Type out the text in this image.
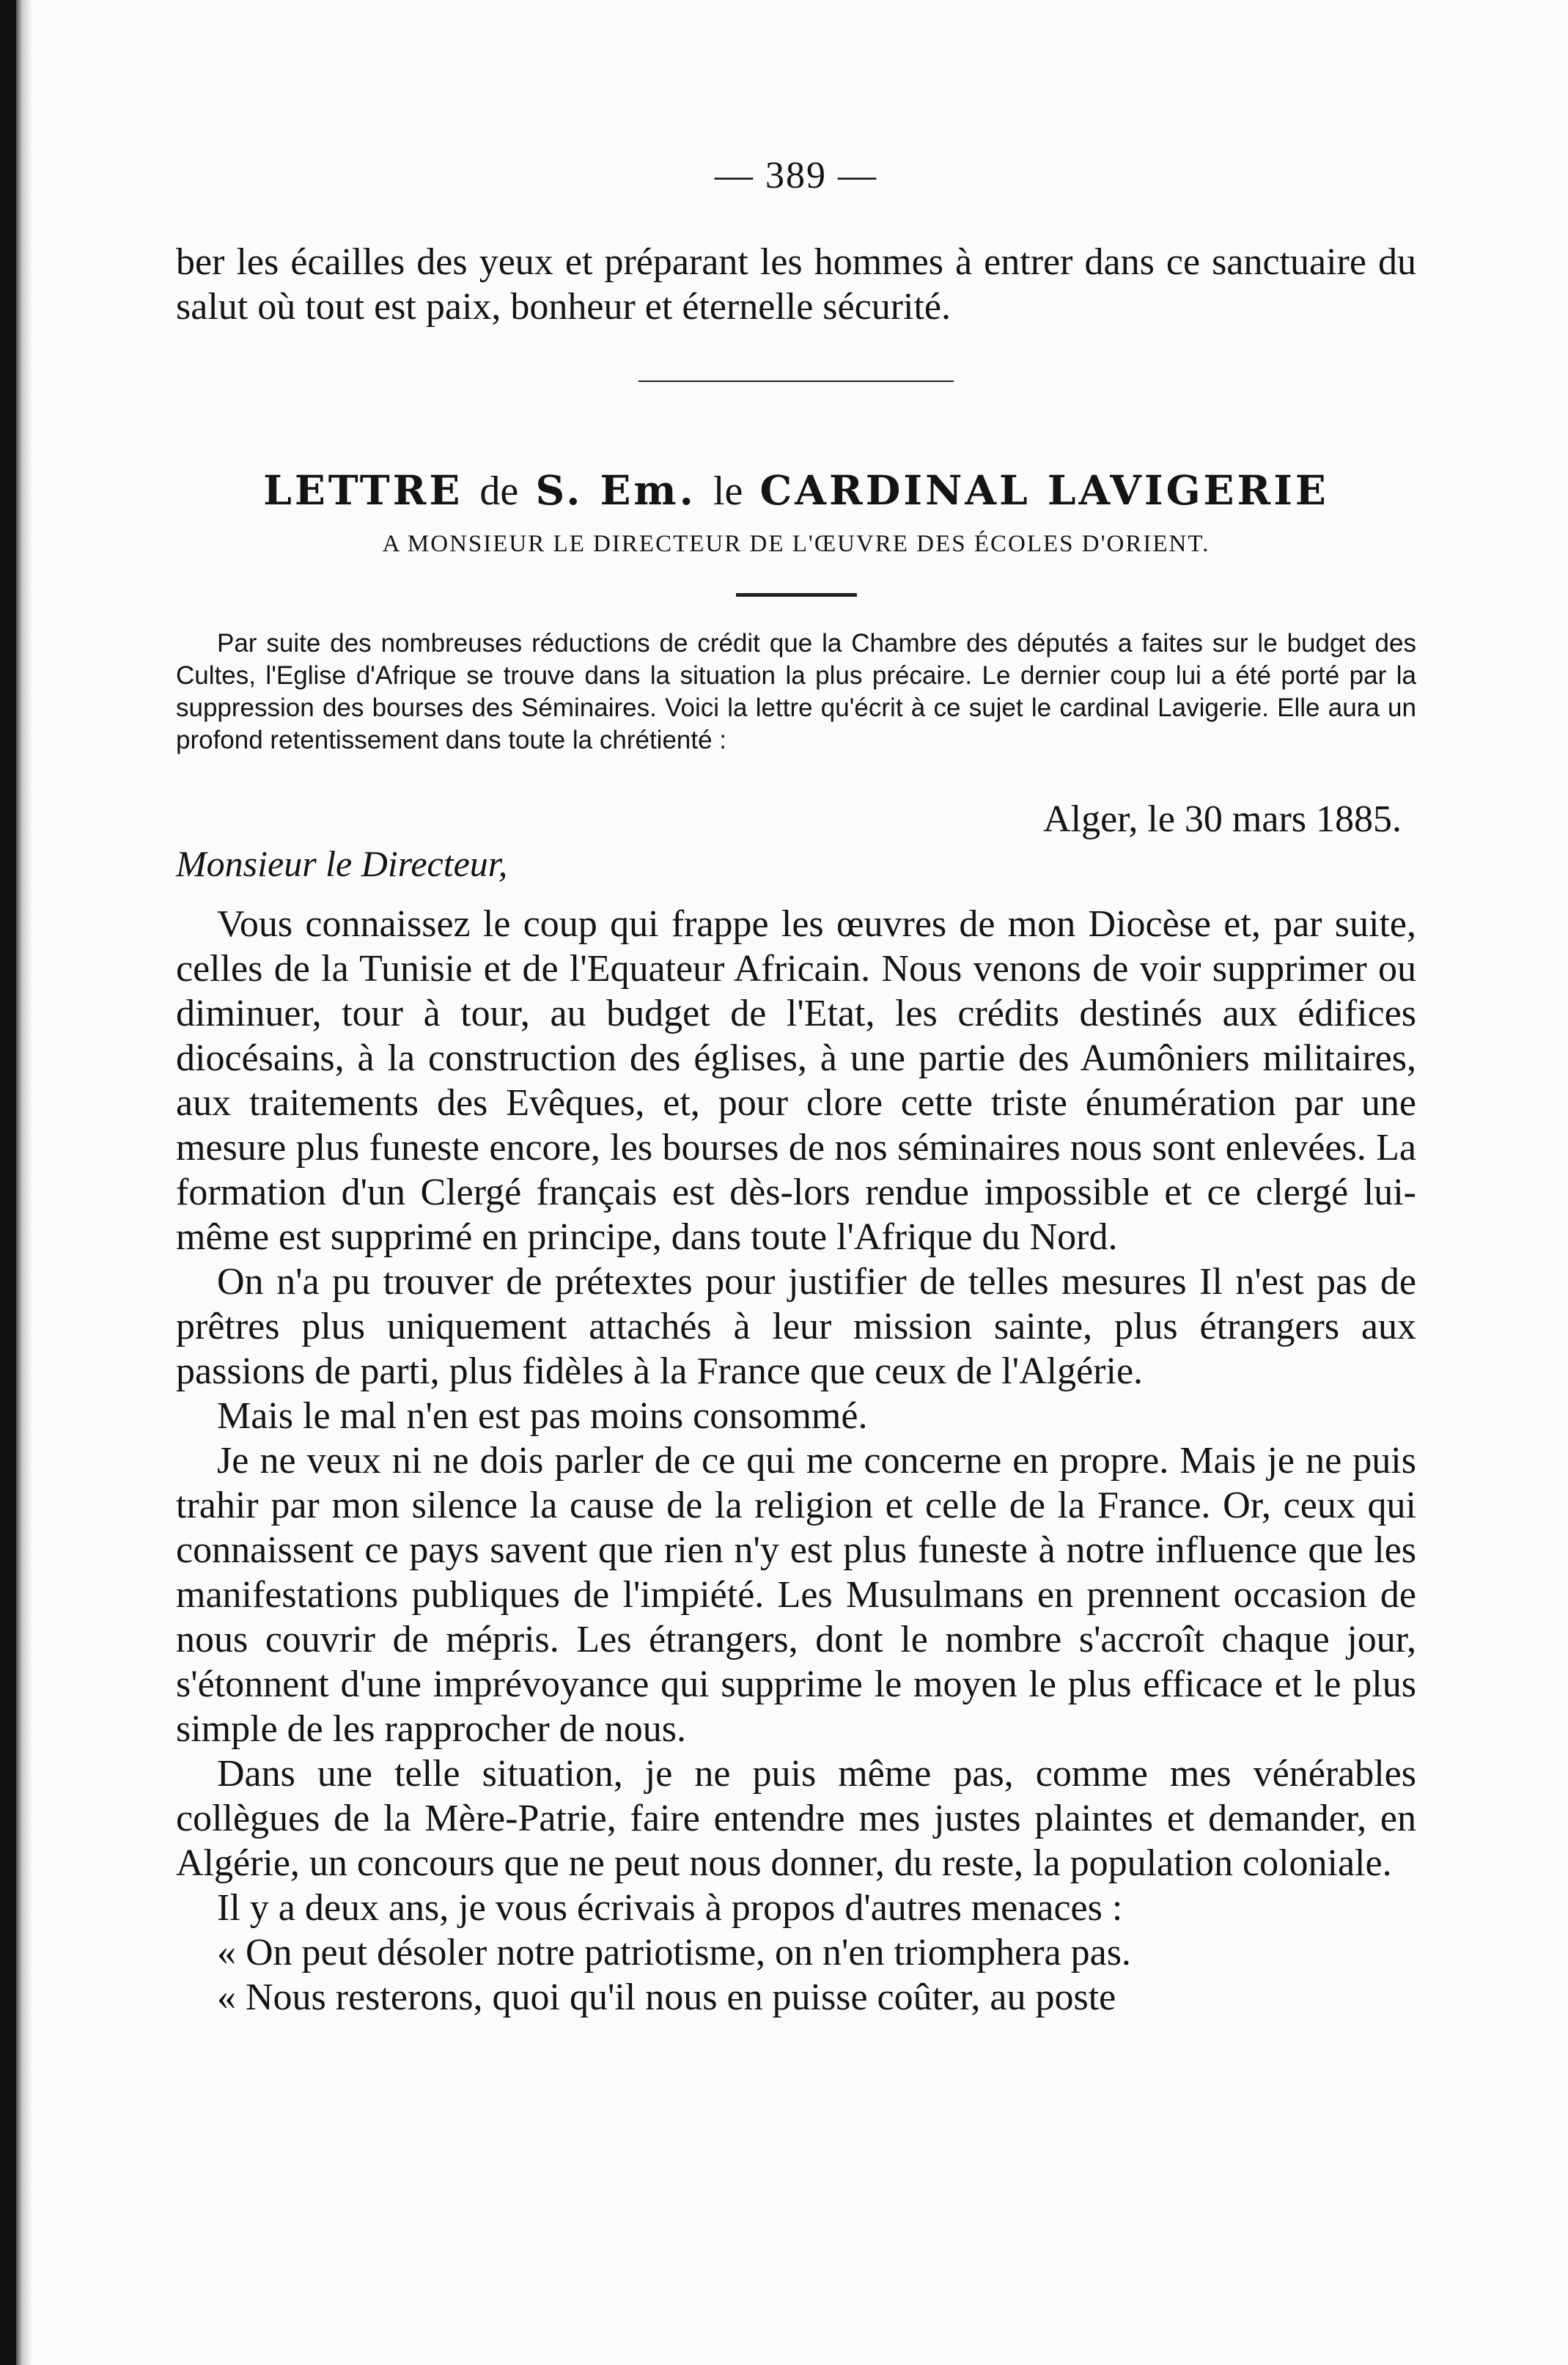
— 389 —

ber les écailles des yeux et préparant les hommes à entrer dans ce sanctuaire du salut où tout est paix, bonheur et éternelle sécurité.

LETTRE de S. Em. le CARDINAL LAVIGERIE
A MONSIEUR LE DIRECTEUR DE L'ŒUVRE DES ÉCOLES D'ORIENT.

Par suite des nombreuses réductions de crédit que la Chambre des députés a faites sur le budget des Cultes, l'Eglise d'Afrique se trouve dans la situation la plus précaire. Le dernier coup lui a été porté par la suppression des bourses des Séminaires. Voici la lettre qu'écrit à ce sujet le cardinal Lavigerie. Elle aura un profond retentissement dans toute la chrétienté :

Alger, le 30 mars 1885.
Monsieur le Directeur,

Vous connaissez le coup qui frappe les œuvres de mon Diocèse et, par suite, celles de la Tunisie et de l'Equateur Africain. Nous venons de voir supprimer ou diminuer, tour à tour, au budget de l'Etat, les crédits destinés aux édifices diocésains, à la construction des églises, à une partie des Aumôniers militaires, aux traitements des Evêques, et, pour clore cette triste énumération par une mesure plus funeste encore, les bourses de nos séminaires nous sont enlevées. La formation d'un Clergé français est dès-lors rendue impossible et ce clergé lui-même est supprimé en principe, dans toute l'Afrique du Nord.

On n'a pu trouver de prétextes pour justifier de telles mesures Il n'est pas de prêtres plus uniquement attachés à leur mission sainte, plus étrangers aux passions de parti, plus fidèles à la France que ceux de l'Algérie.

Mais le mal n'en est pas moins consommé.

Je ne veux ni ne dois parler de ce qui me concerne en propre. Mais je ne puis trahir par mon silence la cause de la religion et celle de la France. Or, ceux qui connaissent ce pays savent que rien n'y est plus funeste à notre influence que les manifestations publiques de l'impiété. Les Musulmans en prennent occasion de nous couvrir de mépris. Les étrangers, dont le nombre s'accroît chaque jour, s'étonnent d'une imprévoyance qui supprime le moyen le plus efficace et le plus simple de les rapprocher de nous.

Dans une telle situation, je ne puis même pas, comme mes vénérables collègues de la Mère-Patrie, faire entendre mes justes plaintes et demander, en Algérie, un concours que ne peut nous donner, du reste, la population coloniale.

Il y a deux ans, je vous écrivais à propos d'autres menaces :

« On peut désoler notre patriotisme, on n'en triomphera pas.
« Nous resterons, quoi qu'il nous en puisse coûter, au poste
